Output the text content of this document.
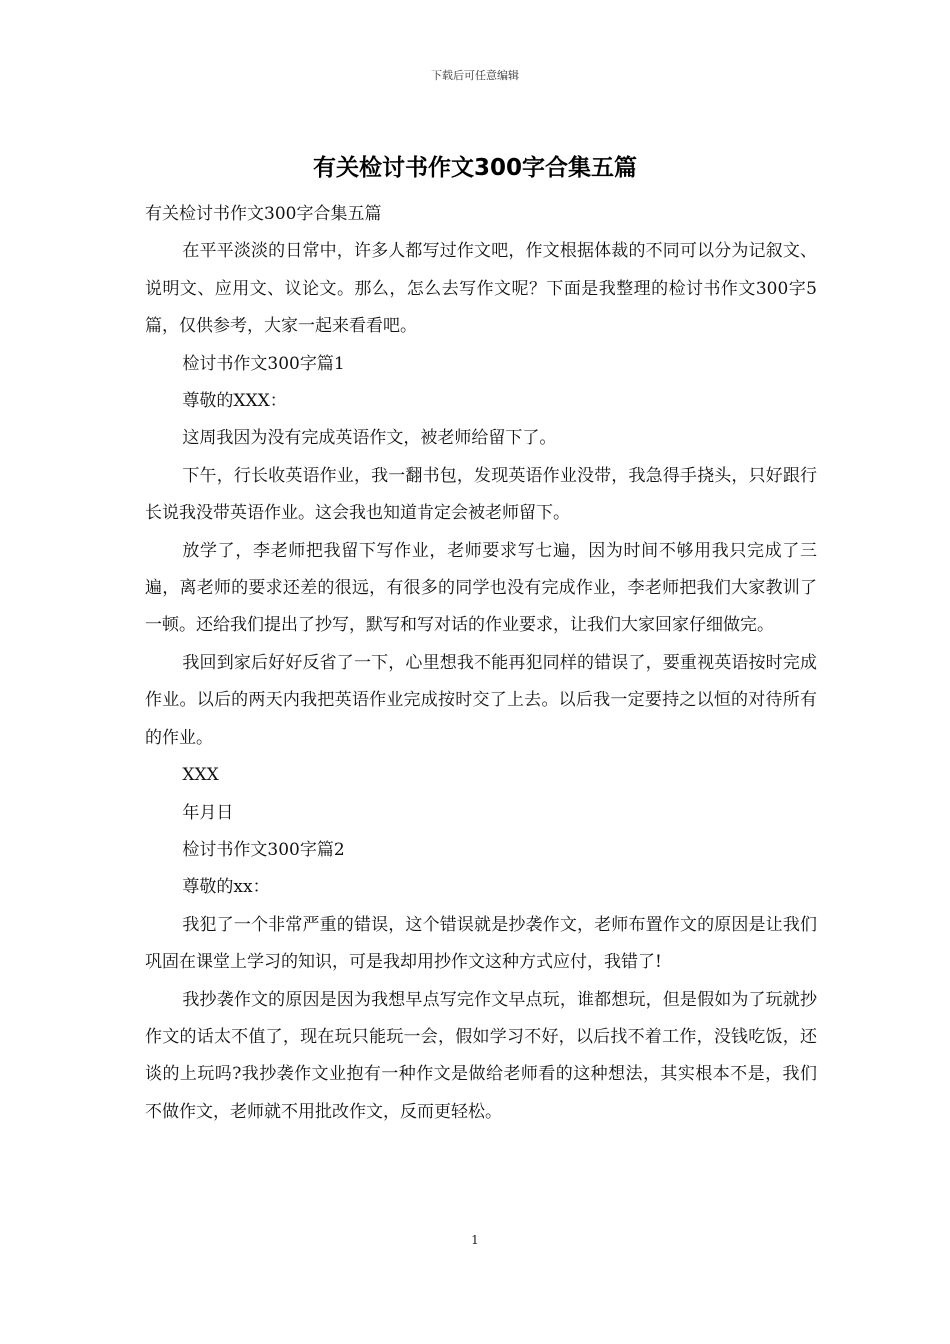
下载后可任意编辑
有关检讨书作文300字合集五篇

有关检讨书作文300字合集五篇

在平平淡淡的日常中，许多人都写过作文吧，作文根据体裁的不同可以分为记叙文、说明文、应用文、议论文。那么，怎么去写作文呢？下面是我整理的检讨书作文300字5篇，仅供参考，大家一起来看看吧。

检讨书作文300字篇1

尊敬的XXX：

这周我因为没有完成英语作文，被老师给留下了。

下午，行长收英语作业，我一翻书包，发现英语作业没带，我急得手挠头，只好跟行长说我没带英语作业。这会我也知道肯定会被老师留下。

放学了，李老师把我留下写作业，老师要求写七遍，因为时间不够用我只完成了三遍，离老师的要求还差的很远，有很多的同学也没有完成作业，李老师把我们大家教训了一顿。还给我们提出了抄写，默写和写对话的作业要求，让我们大家回家仔细做完。

我回到家后好好反省了一下，心里想我不能再犯同样的错误了，要重视英语按时完成作业。以后的两天内我把英语作业完成按时交了上去。以后我一定要持之以恒的对待所有的作业。

XXX

年月日

检讨书作文300字篇2

尊敬的xx：

我犯了一个非常严重的错误，这个错误就是抄袭作文，老师布置作文的原因是让我们巩固在课堂上学习的知识，可是我却用抄作文这种方式应付，我错了!

我抄袭作文的原因是因为我想早点写完作文早点玩，谁都想玩，但是假如为了玩就抄作文的话太不值了，现在玩只能玩一会，假如学习不好，以后找不着工作，没钱吃饭，还谈的上玩吗?我抄袭作文业抱有一种作文是做给老师看的这种想法，其实根本不是，我们不做作文，老师就不用批改作文，反而更轻松。

1
